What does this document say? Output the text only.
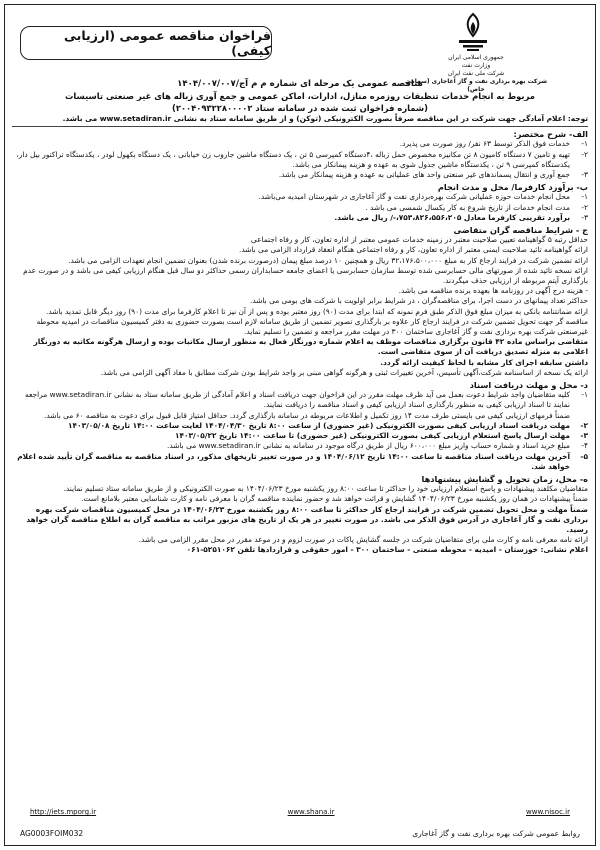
فراخوان مناقصه عمومی (ارزیابی کیفی)	جمهوری اسلامی ایران
وزارت نفت
شرکت ملی نفت ایران
شرکت بهره برداری نفت و گاز آغاجاری (سهامی خاص)
مناقصه عمومی یک مرحله ای شماره م م آج/۱۴۰۴/۰۰۷/۰۰۷
مربوط به انجام خدمات تنظیفات روزمره منازل، ادارات، اماکن عمومی و جمع آوری زباله های غیر صنعتی تاسیسات
(شماره فراخوان ثبت شده در سامانه ستاد ۲۰۰۴۰۹۳۲۲۸۰۰۰۰۲)
توجه: اعلام آمادگی جهت شرکت در این مناقصه صرفاً بصورت الکترونیکی (توکن) و از طریق سامانه ستاد به نشانی www.setadiran.ir می باشد.
الف- شرح مختصر:
۱-
خدمات فوق الذکر توسط ۶۳ نفر/ روز صورت می پذیرد.
۲-
تهیه و تامین ۷ دستگاه کامیون ۸ تن مکانیزه مخصوص حمل زباله ،۴دستگاه کمپرسی ۵ تن ، یک دستگاه ماشین جاروب زن خیابانی ، یک دستگاه بکهول لودر ، یکدستگاه تراکتور بیل دار، یکدستگاه کمپرسی ۹ تن ، یکدستگاه ماشین جدول شوی به عهده و هزینه پیمانکار می باشد.
۳-
جمع آوری و انتقال پسماندهای غیر صنعتی واحد های عملیاتی به عهده و هزینه پیمانکار می باشد.
ب- برآورد کارفرما/ محل و مدت انجام
۱-
محل انجام خدمات حوزه عملیاتی شرکت بهره‌برداری نفت و گاز آغاجاری در شهرستان امیدیه می‌باشد.
۲-
مدت انجام خدمات از تاریخ شروع به کار یکسال شمسی می باشد .
۳-
برآورد تقریبی کارفرما معادل ۷۵۳،۸۲۶،۵۵۶،۲۰۵،-/ ریال می باشد.
ج - شرایط مناقصه گران متقاضی
حداقل رتبه ۵ گواهینامه تعیین صلاحیت معتبر در زمینه خدمات عمومی معتبر از اداره تعاون، کار و رفاه اجتماعی
ارائه گواهینامه تائید صلاحیت ایمنی معتبر از اداره تعاون، کار و رفاه اجتماعی هنگام انعقاد قرارداد الزامی می باشد.
ارائه تضمین شرکت در فرایند ارجاع کار به مبلغ ۳۲،۱۷۶،۵۰۰،۰۰۰ ریال و همچنین ۱۰ درصد مبلغ پیمان (درصورت برنده شدن) بعنوان تضمین انجام تعهدات الزامی می باشد.
ارائه نسخه تائید شده از صورتهای مالی حسابرسی شده توسط سازمان حسابرسی یا اعضای جامعه حسابداران رسمی حداکثر دو سال قبل هنگام ارزیابی کیفی می باشد و در صورت عدم بارگذاری آیتم مربوطه از ارزیابی حذف میگردند.
- هزینه درج آگهی در روزنامه ها بعهده برنده مناقصه می باشد.
حداکثر تعداد پیمانهای در دست اجرا، برای مناقصه‌گران ، در شرایط برابر اولویت با شرکت های بومی می باشد.
ارائه ضمانتنامه بانکی به میزان مبلغ فوق الذکر طبق فرم نمونه که ابتدا برای مدت (۹۰) روز معتبر بوده و پس از آن نیز تا اعلام کارفرما برای مدت (۹۰) روز دیگر قابل تمدید باشد.
مناقصه گر جهت تحویل تضمین شرکت در فرایند ارجاع کار علاوه بر بارگذاری تصویر تضمین از طریق سامانه لازم است بصورت حضوری به دفتر کمیسیون مناقصات در امیدیه محوطه غیرصنعتی شرکت بهره برداری نفت و گاز آغاجاری ساختمان ۳۰۰ در مهلت مقرر مراجعه و تضمین را تسلیم نماید.
متقاضی براساس ماده ۴۲ قانون برگزاری مناقصات موظف به اعلام شماره دورنگار فعال به منظور ارسال مکاتبات بوده و ارسال هرگونه مکاتبه به دورنگار اعلامی به منزله تصدیق دریافت آن از سوی متقاضی است.
داشتن سابقه اجرای کار مشابه با لحاظ کیفیت ارائه گردد.
ارائه یک نسخه از اساسنامه شرکت،آگهی تأسیس، آخرین تغییرات ثبتی و هرگونه گواهی مبنی بر واجد شرایط بودن شرکت مطابق با مفاد آگهی الزامی می باشد.
د- محل و مهلت دریافت اسناد
۱-
کلیه متقاضیان واجد شرایط دعوت بعمل می آید ظرف مهلت مقرر در این فراخوان جهت دریافت اسناد و اعلام آمادگی از طریق سامانه ستاد به نشانی www.setadiran.ir مراجعه نمایند تا اسناد ارزیابی کیفی به منظور بارگذاری اسناد ارزیابی کیفی و اسناد مناقصه را دریافت نمایند.
ضمناً فرمهای ارزیابی کیفی می بایستی طرف مدت ۱۴ روز تکمیل و اطلاعات مربوطه در سامانه بارگذاری گردد. حداقل امتیاز قابل قبول برای دعوت به مناقصه ۶۰ می باشد.
۲-
مهلت دریافت اسناد ارزیابی کیفی بصورت الکترونیکی (غیر حضوری) از ساعت ۸:۰۰ تاریخ ۱۴۰۴/۰۴/۳۰ لغایت ساعت ۱۴:۰۰ تاریخ ۱۴۰۳/۰۵/۰۸
۳-
مهلت ارسال پاسخ استعلام ارزیابی کیفی بصورت الکترونیکی (غیر حضوری) تا ساعت ۱۴:۰۰ تاریخ ۱۴۰۳/۰۵/۲۲
۴-
مبلغ خرید اسناد و شماره حساب واریز مبلغ ۶۰۰،۰۰۰ ریال از طریق درگاه موجود در سامانه به نشانی www.setadiran.ir می باشد.
۵-
آخرین مهلت دریافت اسناد مناقصه تا ساعت ۱۴:۰۰ تاریخ ۱۴۰۴/۰۶/۱۲ و در صورت تغییر تاریخهای مذکور، در اسناد مناقصه به مناقصه گران تأیید شده اعلام خواهد شد.
ه- محل، زمان تحویل و گشایش پیشنهادها
متقاضیان مکلفند پیشنهادات و پاسخ استعلام ارزیابی خود را حداکثر تا ساعت ۸:۰۰ روز یکشنبه مورخ ۱۴۰۴/۰۶/۲۳ به صورت الکترونیکی و از طریق سامانه ستاد تسلیم نمایند.
ضمناً پیشنهادات در همان روز یکشنبه مورخ ۱۴۰۴/۰۶/۲۳ گشایش و قرائت خواهد شد و حضور نماینده مناقصه گران با معرفی نامه و کارت شناسایی معتبر بلامانع است.
ضمناً مهلت و محل تحویل تضمین شرکت در فرایند ارجاع کار حداکثر تا ساعت ۸:۰۰ روز یکشنبه مورخ ۱۴۰۴/۰۶/۲۳ در محل کمیسیون مناقصات شرکت بهره برداری نفت و گاز آغاجاری در آدرس فوق الذکر می باشد. در صورت تغییر در هر یک از تاریخ های مزبور مراتب به مناقصه گران به اطلاع مناقصه گران خواهد رسید.
ارائه نامه معرفی نامه و کارت ملی برای متقاضیان شرکت در جلسه گشایش پاکات در صورت لزوم و در موعد مقرر در محل مقرر الزامی می باشد.
اعلام نشانی: خوزستان - امیدیه - محوطه صنعتی - ساختمان ۳۰۰ - امور حقوقی و قراردادها تلفن ۵۲۵۱۰۶۲-۰۶۱
http://iets.mporg.ir	www.shana.ir	www.nisoc.ir
AG0003FOIM032	روابط عمومی شرکت بهره برداری نفت و گاز آغاجاری
